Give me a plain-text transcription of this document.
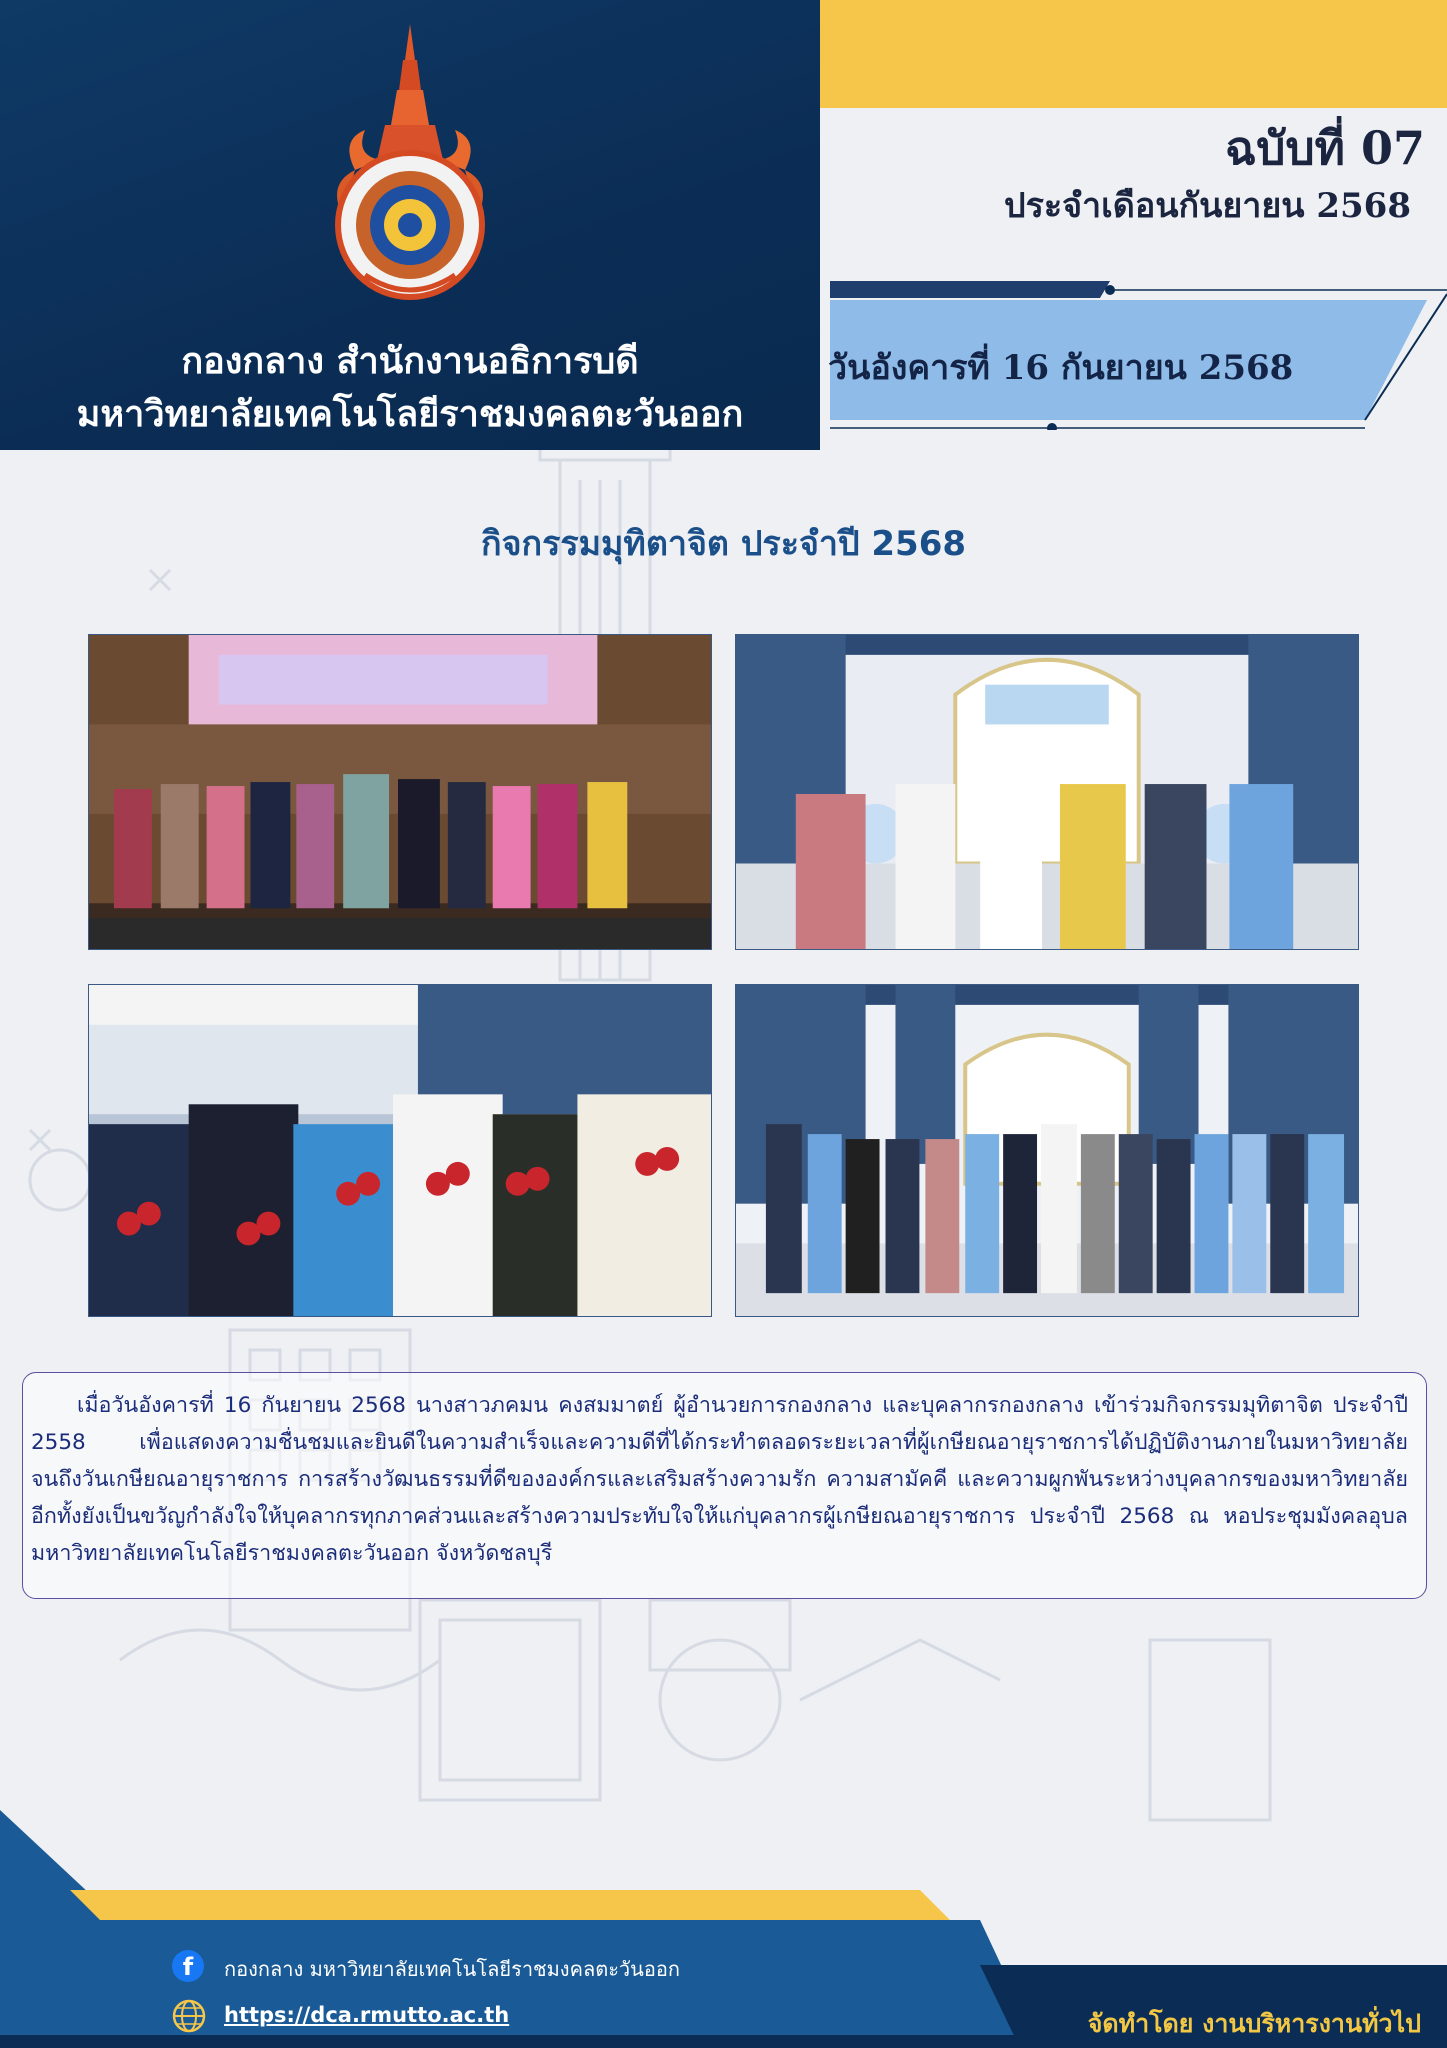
กองกลาง สำนักงานอธิการบดี
มหาวิทยาลัยเทคโนโลยีราชมงคลตะวันออก
ฉบับที่ 07
ประจำเดือนกันยายน 2568
วันอังคารที่ 16 กันยายน 2568
กิจกรรมมุทิตาจิต ประจำปี 2568

เมื่อวันอังคารที่ 16 กันยายน 2568 นางสาวภคมน คงสมมาตย์ ผู้อำนวยการกองกลาง และบุคลากรกองกลาง เข้าร่วมกิจกรรมมุทิตาจิต ประจำปี 2558 เพื่อแสดงความชื่นชมและยินดีในความสำเร็จและความดีที่ได้กระทำตลอดระยะเวลาที่ผู้เกษียณอายุราชการได้ปฏิบัติงานภายในมหาวิทยาลัยจนถึงวันเกษียณอายุราชการ การสร้างวัฒนธรรมที่ดีขององค์กรและเสริมสร้างความรัก ความสามัคคี และความผูกพันระหว่างบุคลากรของมหาวิทยาลัย อีกทั้งยังเป็นขวัญกำลังใจให้บุคลากรทุกภาคส่วนและสร้างความประทับใจให้แก่บุคลากรผู้เกษียณอายุราชการ ประจำปี 2568 ณ หอประชุมมังคลอุบล มหาวิทยาลัยเทคโนโลยีราชมงคลตะวันออก จังหวัดชลบุรี

f	กองกลาง มหาวิทยาลัยเทคโนโลยีราชมงคลตะวันออก
https://dca.rmutto.ac.th	จัดทำโดย งานบริหารงานทั่วไป
